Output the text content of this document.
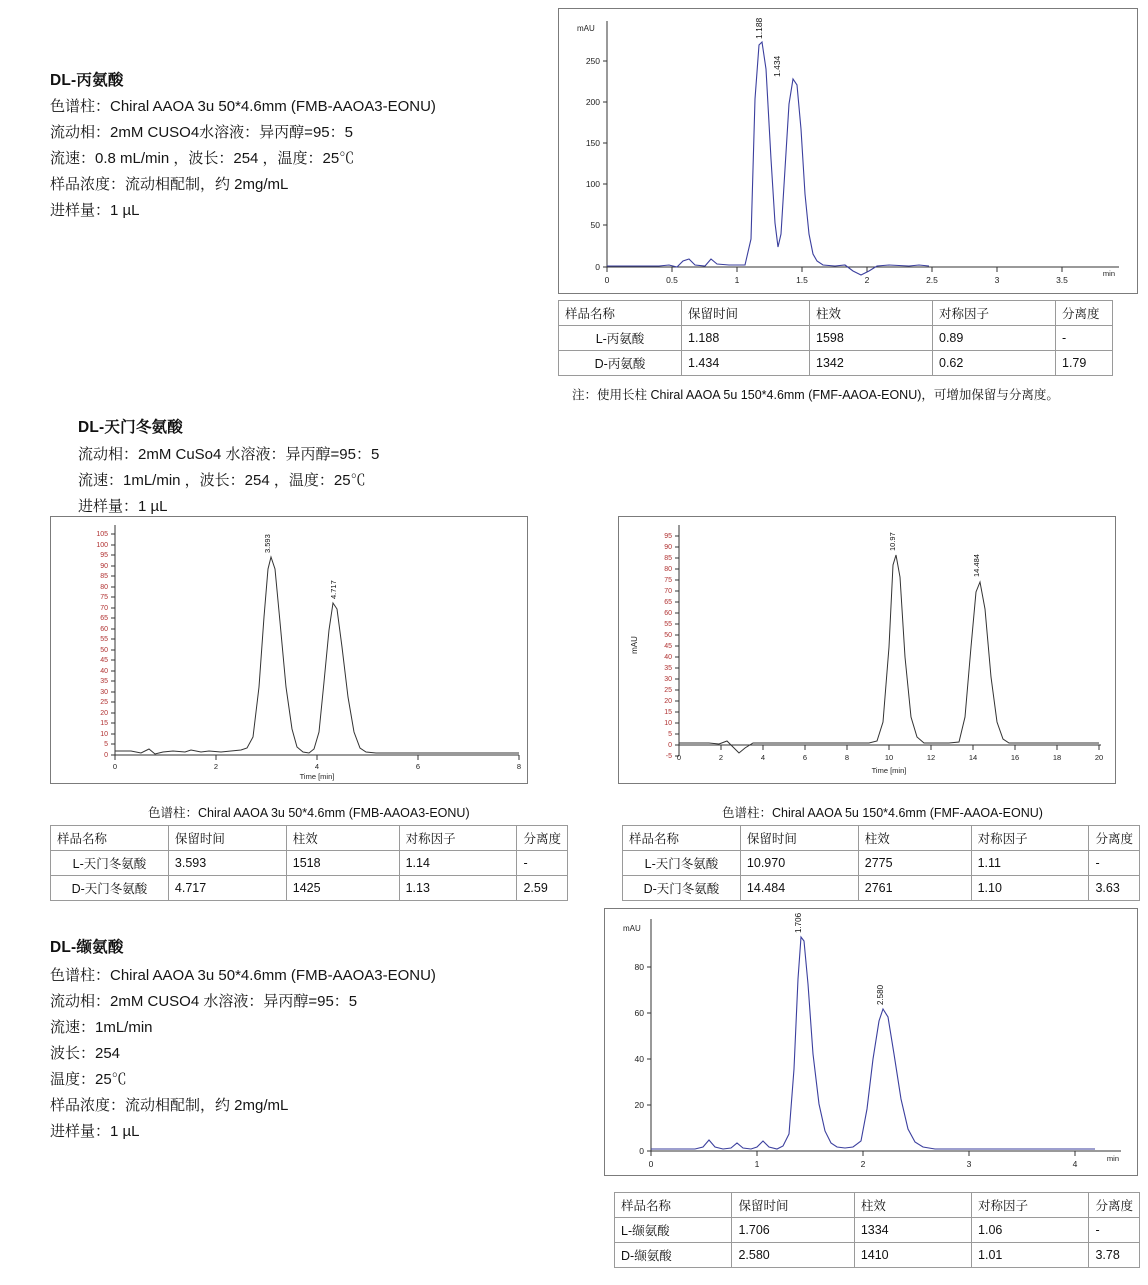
DL-丙氨酸
色谱柱：Chiral AAOA 3u 50*4.6mm (FMB-AAOA3-EONU)
流动相：2mM CUSO4水溶液：异丙醇=95：5
流速：0.8 mL/min ，波长：254 ，温度：25℃
样品浓度：流动相配制，约 2mg/mL
进样量：1 µL
mAU
0
50
100
150
200
250
0	0.5	1	1.5	2	2.5	3	3.5
min
1.188
1.434
样品名称	保留时间	柱效	对称因子	分离度
L-丙氨酸	1.188	1598	0.89	-
D-丙氨酸	1.434	1342	0.62	1.79
注：使用长柱 Chiral AAOA 5u 150*4.6mm (FMF-AAOA-EONU)，可增加保留与分离度。
DL-天门冬氨酸
流动相：2mM CuSo4 水溶液：异丙醇=95：5
流速：1mL/min ，波长：254 ，温度：25℃
进样量：1 µL
0
5
10
15
20
25
30
35
40
45
50
55
60
65
70
75
80
85
90
95
100
105
0	2	4	6	8
Time [min]
3.593
4.717
mAU
-5
0
5
10
15
20
25
30
35
40
45
50
55
60
65
70
75
80
85
90
95
0	2	4	6	8	10	12	14	16	18	20
Time [min]
10.97
14.484
色谱柱：Chiral AAOA 3u 50*4.6mm (FMB-AAOA3-EONU)	色谱柱：Chiral AAOA 5u 150*4.6mm (FMF-AAOA-EONU)
样品名称	保留时间	柱效	对称因子	分离度
L-天门冬氨酸	3.593	1518	1.14	-
D-天门冬氨酸	4.717	1425	1.13	2.59
样品名称	保留时间	柱效	对称因子	分离度
L-天门冬氨酸	10.970	2775	1.11	-
D-天门冬氨酸	14.484	2761	1.10	3.63
DL-缬氨酸
色谱柱：Chiral AAOA 3u 50*4.6mm (FMB-AAOA3-EONU)
流动相：2mM CUSO4 水溶液：异丙醇=95：5
流速：1mL/min
波长：254
温度：25℃
样品浓度：流动相配制，约 2mg/mL
进样量：1 µL
mAU
0
20
40
60
80
0	1	2	3	4
min
1.706
2.580
样品名称	保留时间	柱效	对称因子	分离度
L-缬氨酸	1.706	1334	1.06	-
D-缬氨酸	2.580	1410	1.01	3.78
